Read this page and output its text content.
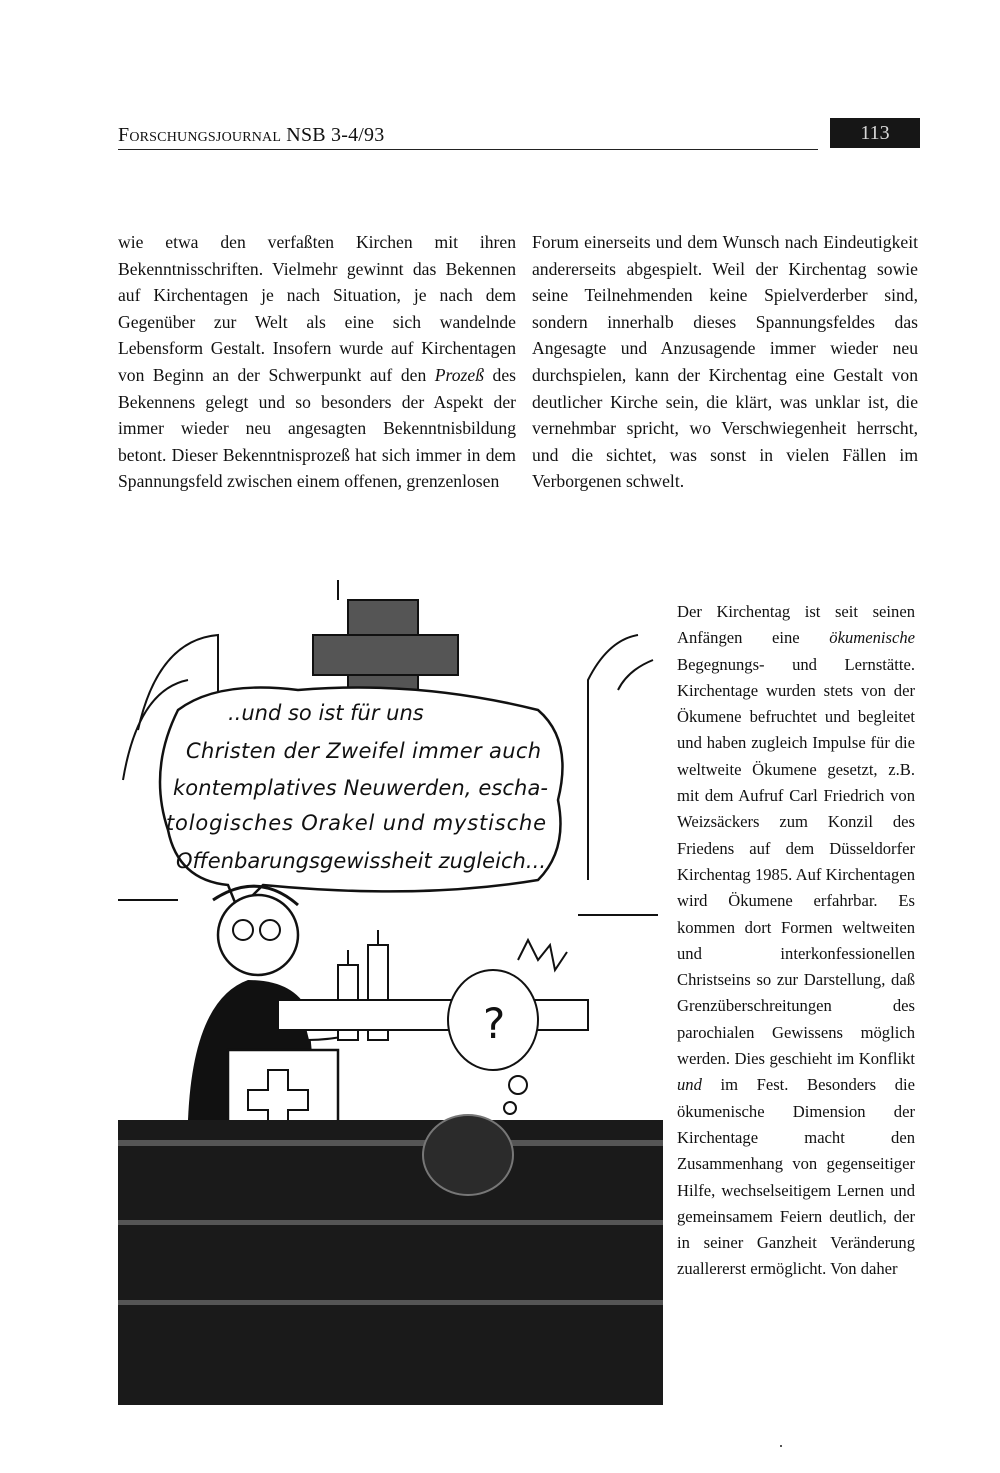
Forschungsjournal NSB 3-4/93	113

wie etwa den verfaßten Kirchen mit ihren Bekenntnisschriften. Vielmehr gewinnt das Bekennen auf Kirchentagen je nach Situation, je nach dem Gegenüber zur Welt als eine sich wandelnde Lebensform Gestalt. Insofern wurde auf Kirchentagen von Beginn an der Schwerpunkt auf den Prozeß des Bekennens gelegt und so besonders der Aspekt der immer wieder neu angesagten Bekenntnisbildung betont. Dieser Bekenntnisprozeß hat sich immer in dem Spannungsfeld zwischen einem offenen, grenzenlosen

Forum einerseits und dem Wunsch nach Eindeutigkeit andererseits abgespielt. Weil der Kirchentag sowie seine Teilnehmenden keine Spielverderber sind, sondern innerhalb dieses Spannungsfeldes das Angesagte und Anzusagende immer wieder neu durchspielen, kann der Kirchentag eine Gestalt von deutlicher Kirche sein, die klärt, was unklar ist, die vernehmbar spricht, wo Verschwiegenheit herrscht, und die sichtet, was sonst in vielen Fällen im Verborgenen schwelt.

Der Kirchentag ist seit seinen Anfängen eine ökumenische Begegnungs- und Lernstätte. Kirchentage wurden stets von der Ökumene befruchtet und begleitet und haben zugleich Impulse für die weltweite Ökumene gesetzt, z.B. mit dem Aufruf Carl Friedrich von Weizsäckers zum Konzil des Friedens auf dem Düsseldorfer Kirchentag 1985. Auf Kirchentagen wird Ökumene erfahrbar. Es kommen dort Formen weltweiten und interkonfessionellen Christseins so zur Darstellung, daß Grenzüberschreitungen des parochialen Gewissens möglich werden. Dies geschieht im Konflikt und im Fest. Besonders die ökumenische Dimension der Kirchentage macht den Zusammenhang von gegenseitiger Hilfe, wechselseitigem Lernen und gemeinsamem Feiern deutlich, der in seiner Ganzheit Veränderung zuallererst ermöglicht. Von daher

..und so ist für uns
Christen der Zweifel immer auch
kontemplatives Neuwerden, escha-
tologisches Orakel und mystische
Offenbarungsgewissheit zugleich...
?
